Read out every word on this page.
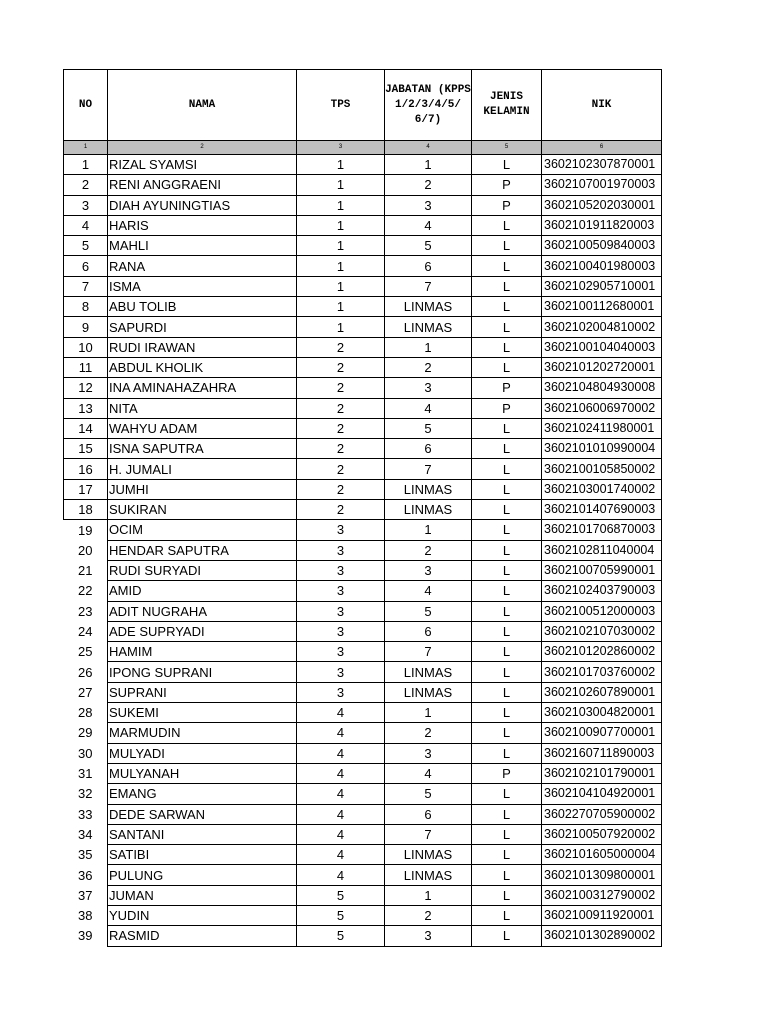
NO	NAMA	TPS	JABATAN (KPPS 1/2/3/4/5/ 6/7)	JENIS KELAMIN	NIK
1	2	3	4	5	6
1	RIZAL SYAMSI	1	1	L	3602102307870001
2	RENI ANGGRAENI	1	2	P	3602107001970003
3	DIAH AYUNINGTIAS	1	3	P	3602105202030001
4	HARIS	1	4	L	3602101911820003
5	MAHLI	1	5	L	3602100509840003
6	RANA	1	6	L	3602100401980003
7	ISMA	1	7	L	3602102905710001
8	ABU TOLIB	1	LINMAS	L	3602100112680001
9	SAPURDI	1	LINMAS	L	3602102004810002
10	RUDI IRAWAN	2	1	L	3602100104040003
11	ABDUL KHOLIK	2	2	L	3602101202720001
12	INA AMINAHAZAHRA	2	3	P	3602104804930008
13	NITA	2	4	P	3602106006970002
14	WAHYU ADAM	2	5	L	3602102411980001
15	ISNA SAPUTRA	2	6	L	3602101010990004
16	H. JUMALI	2	7	L	3602100105850002
17	JUMHI	2	LINMAS	L	3602103001740002
18	SUKIRAN	2	LINMAS	L	3602101407690003
19	OCIM	3	1	L	3602101706870003
20	HENDAR SAPUTRA	3	2	L	3602102811040004
21	RUDI SURYADI	3	3	L	3602100705990001
22	AMID	3	4	L	3602102403790003
23	ADIT NUGRAHA	3	5	L	3602100512000003
24	ADE SUPRYADI	3	6	L	3602102107030002
25	HAMIM	3	7	L	3602101202860002
26	IPONG SUPRANI	3	LINMAS	L	3602101703760002
27	SUPRANI	3	LINMAS	L	3602102607890001
28	SUKEMI	4	1	L	3602103004820001
29	MARMUDIN	4	2	L	3602100907700001
30	MULYADI	4	3	L	3602160711890003
31	MULYANAH	4	4	P	3602102101790001
32	EMANG	4	5	L	3602104104920001
33	DEDE SARWAN	4	6	L	3602270705900002
34	SANTANI	4	7	L	3602100507920002
35	SATIBI	4	LINMAS	L	3602101605000004
36	PULUNG	4	LINMAS	L	3602101309800001
37	JUMAN	5	1	L	3602100312790002
38	YUDIN	5	2	L	3602100911920001
39	RASMID	5	3	L	3602101302890002
